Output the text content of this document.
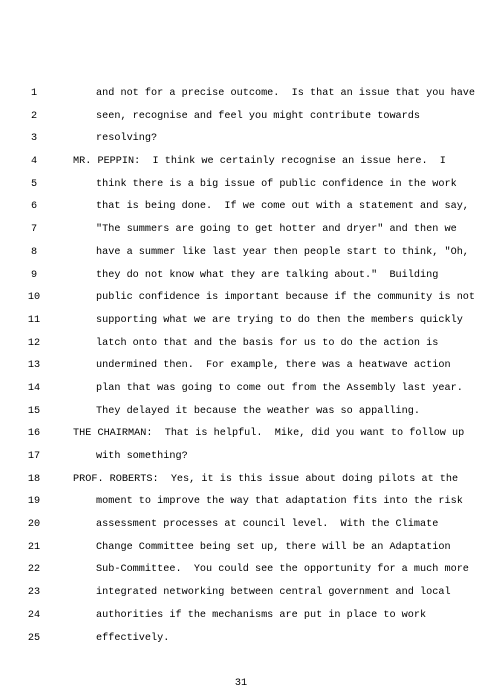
1	and not for a precise outcome.  Is that an issue that you have
2	seen, recognise and feel you might contribute towards
3	resolving?
4	MR. PEPPIN:  I think we certainly recognise an issue here.  I
5	think there is a big issue of public confidence in the work
6	that is being done.  If we come out with a statement and say,
7	"The summers are going to get hotter and dryer" and then we
8	have a summer like last year then people start to think, "Oh,
9	they do not know what they are talking about."  Building
10	public confidence is important because if the community is not
11	supporting what we are trying to do then the members quickly
12	latch onto that and the basis for us to do the action is
13	undermined then.  For example, there was a heatwave action
14	plan that was going to come out from the Assembly last year.
15	They delayed it because the weather was so appalling.
16	THE CHAIRMAN:  That is helpful.  Mike, did you want to follow up
17	with something?
18	PROF. ROBERTS:  Yes, it is this issue about doing pilots at the
19	moment to improve the way that adaptation fits into the risk
20	assessment processes at council level.  With the Climate
21	Change Committee being set up, there will be an Adaptation
22	Sub-Committee.  You could see the opportunity for a much more
23	integrated networking between central government and local
24	authorities if the mechanisms are put in place to work
25	effectively.
31
